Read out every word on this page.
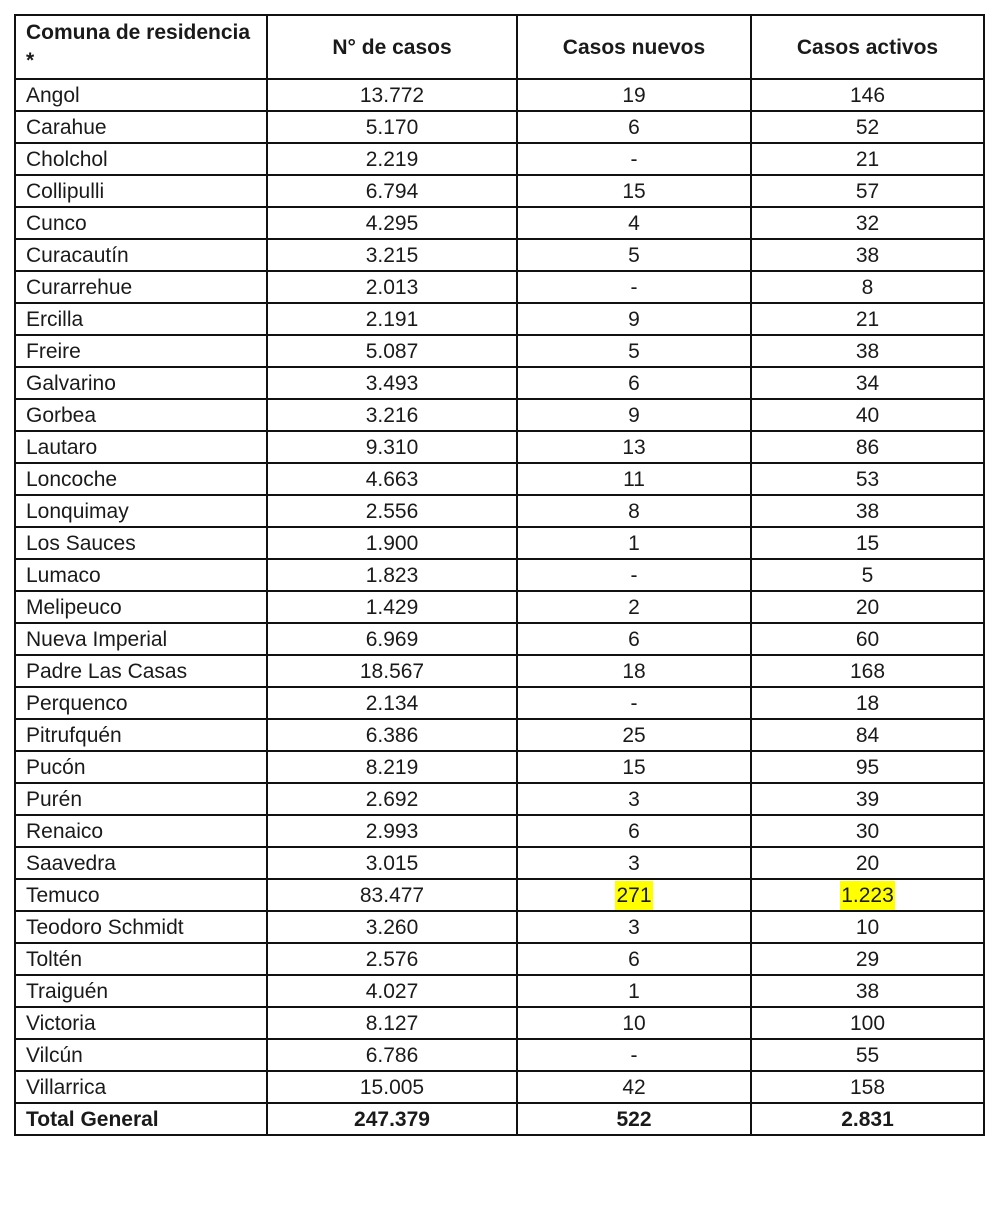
Comuna de residencia *	N° de casos	Casos nuevos	Casos activos
Angol	13.772	19	146
Carahue	5.170	6	52
Cholchol	2.219	-	21
Collipulli	6.794	15	57
Cunco	4.295	4	32
Curacautín	3.215	5	38
Curarrehue	2.013	-	8
Ercilla	2.191	9	21
Freire	5.087	5	38
Galvarino	3.493	6	34
Gorbea	3.216	9	40
Lautaro	9.310	13	86
Loncoche	4.663	11	53
Lonquimay	2.556	8	38
Los Sauces	1.900	1	15
Lumaco	1.823	-	5
Melipeuco	1.429	2	20
Nueva Imperial	6.969	6	60
Padre Las Casas	18.567	18	168
Perquenco	2.134	-	18
Pitrufquén	6.386	25	84
Pucón	8.219	15	95
Purén	2.692	3	39
Renaico	2.993	6	30
Saavedra	3.015	3	20
Temuco	83.477	271	1.223
Teodoro Schmidt	3.260	3	10
Toltén	2.576	6	29
Traiguén	4.027	1	38
Victoria	8.127	10	100
Vilcún	6.786	-	55
Villarrica	15.005	42	158
Total General	247.379	522	2.831
